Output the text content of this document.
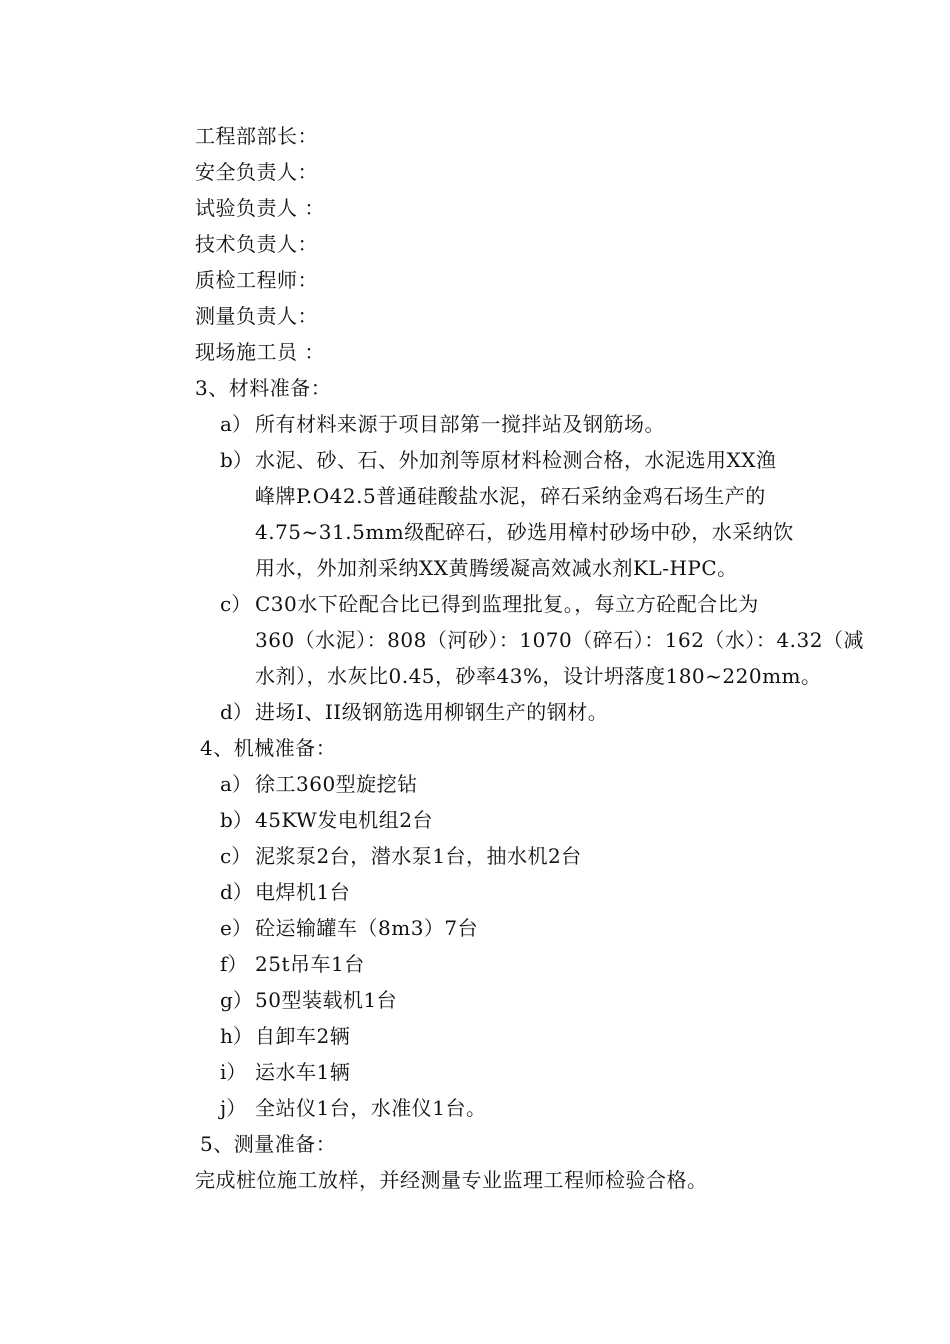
工程部部长：
安全负责人：
试验负责人 ：
技术负责人：
质检工程师：
测量负责人：
现场施工员 ：
3、材料准备：
a） 所有材料来源于项目部第一搅拌站及钢筋场。
b） 水泥、砂、石、外加剂等原材料检测合格，水泥选用XX渔
峰牌P.O42.5普通硅酸盐水泥，碎石采纳金鸡石场生产的
4.75~31.5mm级配碎石，砂选用樟村砂场中砂，水采纳饮
用水，外加剂采纳XX黄腾缓凝高效减水剂KL-HPC。
c） C30水下砼配合比已得到监理批复。，每立方砼配合比为
360（水泥）：808（河砂）：1070（碎石）：162（水）：4.32（减
水剂），水灰比0.45，砂率43%，设计坍落度180~220mm。
d） 进场I、II级钢筋选用柳钢生产的钢材。
4、机械准备：
a） 徐工360型旋挖钻
b） 45KW发电机组2台
c） 泥浆泵2台，潜水泵1台，抽水机2台
d） 电焊机1台
e） 砼运输罐车（8m3）7台
f） 25t吊车1台
g） 50型装载机1台
h） 自卸车2辆
i） 运水车1辆
j） 全站仪1台，水准仪1台。
5、测量准备：
完成桩位施工放样，并经测量专业监理工程师检验合格。
